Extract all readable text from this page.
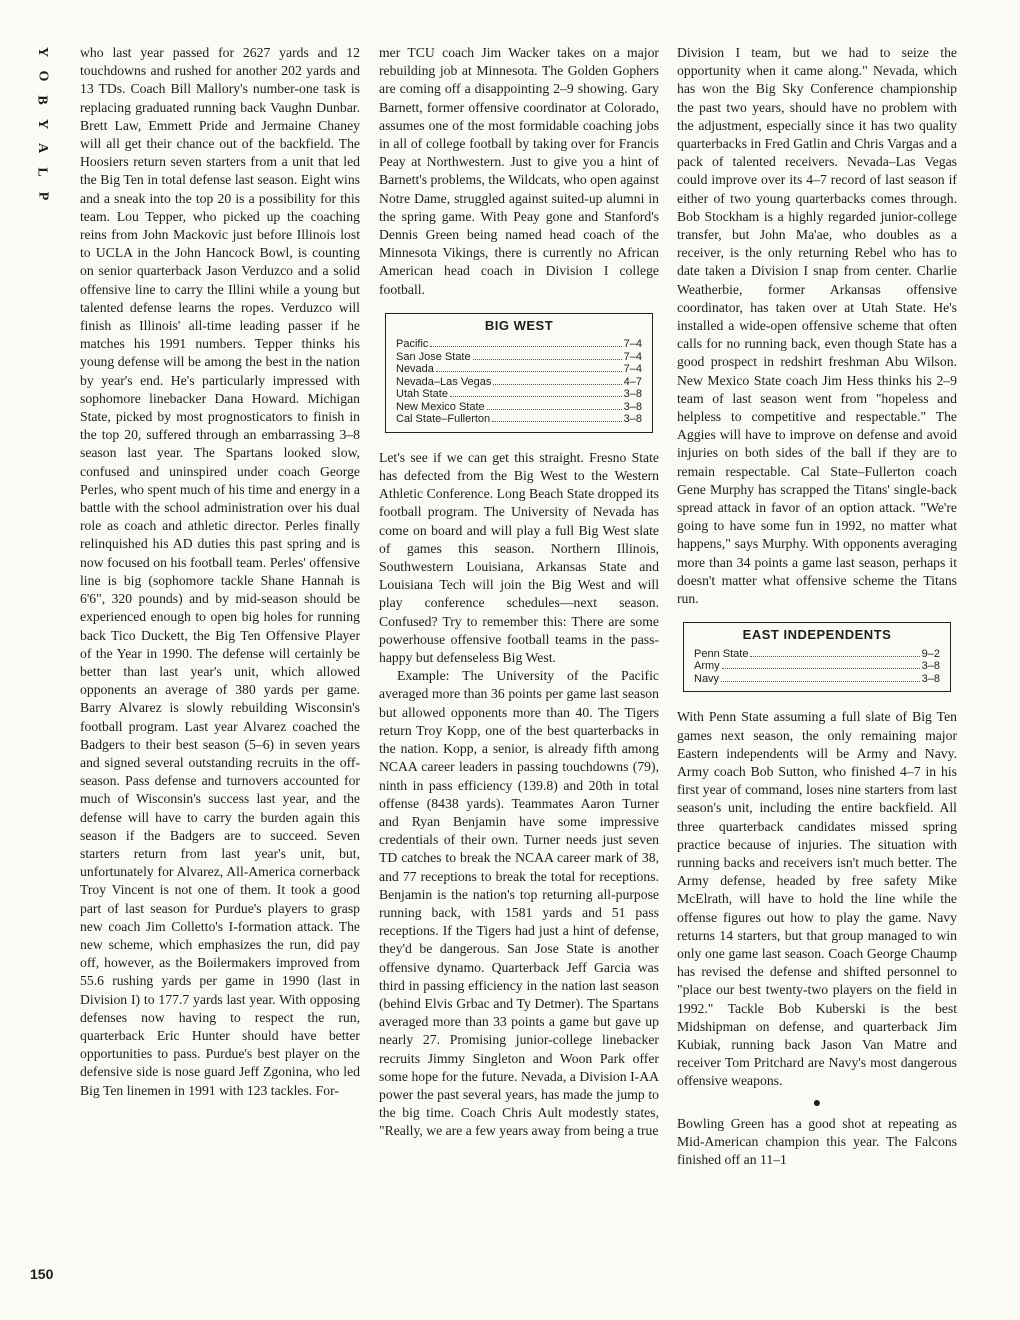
Y
O
B
Y
A
L
P
150

who last year passed for 2627 yards and 12 touchdowns and rushed for another 202 yards and 13 TDs. Coach Bill Mallory's number-one task is replacing graduated running back Vaughn Dunbar. Brett Law, Emmett Pride and Jermaine Chaney will all get their chance out of the backfield. The Hoosiers return seven starters from a unit that led the Big Ten in total defense last season. Eight wins and a sneak into the top 20 is a possibility for this team. Lou Tepper, who picked up the coaching reins from John Mackovic just before Illinois lost to UCLA in the John Hancock Bowl, is counting on senior quarterback Jason Verduzco and a solid offensive line to carry the Illini while a young but talented defense learns the ropes. Verduzco will finish as Illinois' all-time leading passer if he matches his 1991 numbers. Tepper thinks his young defense will be among the best in the nation by year's end. He's particularly impressed with sophomore linebacker Dana Howard. Michigan State, picked by most prognosticators to finish in the top 20, suffered through an embarrassing 3–8 season last year. The Spartans looked slow, confused and uninspired under coach George Perles, who spent much of his time and energy in a battle with the school administration over his dual role as coach and athletic director. Perles finally relinquished his AD duties this past spring and is now focused on his football team. Perles' offensive line is big (sophomore tackle Shane Hannah is 6'6", 320 pounds) and by mid-season should be experienced enough to open big holes for running back Tico Duckett, the Big Ten Offensive Player of the Year in 1990. The defense will certainly be better than last year's unit, which allowed opponents an average of 380 yards per game. Barry Alvarez is slowly rebuilding Wisconsin's football program. Last year Alvarez coached the Badgers to their best season (5–6) in seven years and signed several outstanding recruits in the off-season. Pass defense and turnovers accounted for much of Wisconsin's success last year, and the defense will have to carry the burden again this season if the Badgers are to succeed. Seven starters return from last year's unit, but, unfortunately for Alvarez, All-America cornerback Troy Vincent is not one of them. It took a good part of last season for Purdue's players to grasp new coach Jim Colletto's I-formation attack. The new scheme, which emphasizes the run, did pay off, however, as the Boilermakers improved from 55.6 rushing yards per game in 1990 (last in Division I) to 177.7 yards last year. With opposing defenses now having to respect the run, quarterback Eric Hunter should have better opportunities to pass. Purdue's best player on the defensive side is nose guard Jeff Zgonina, who led Big Ten linemen in 1991 with 123 tackles. For-

mer TCU coach Jim Wacker takes on a major rebuilding job at Minnesota. The Golden Gophers are coming off a disappointing 2–9 showing. Gary Barnett, former offensive coordinator at Colorado, assumes one of the most formidable coaching jobs in all of college football by taking over for Francis Peay at Northwestern. Just to give you a hint of Barnett's problems, the Wildcats, who open against Notre Dame, struggled against suited-up alumni in the spring game. With Peay gone and Stanford's Dennis Green being named head coach of the Minnesota Vikings, there is currently no African American head coach in Division I college football.

BIG WEST
Pacific	7–4
San Jose State	7–4
Nevada	7–4
Nevada–Las Vegas	4–7
Utah State	3–8
New Mexico State	3–8
Cal State–Fullerton	3–8

Let's see if we can get this straight. Fresno State has defected from the Big West to the Western Athletic Conference. Long Beach State dropped its football program. The University of Nevada has come on board and will play a full Big West slate of games this season. Northern Illinois, Southwestern Louisiana, Arkansas State and Louisiana Tech will join the Big West and will play conference schedules—next season. Confused? Try to remember this: There are some powerhouse offensive football teams in the pass-happy but defenseless Big West.

Example: The University of the Pacific averaged more than 36 points per game last season but allowed opponents more than 40. The Tigers return Troy Kopp, one of the best quarterbacks in the nation. Kopp, a senior, is already fifth among NCAA career leaders in passing touchdowns (79), ninth in pass efficiency (139.8) and 20th in total offense (8438 yards). Teammates Aaron Turner and Ryan Benjamin have some impressive credentials of their own. Turner needs just seven TD catches to break the NCAA career mark of 38, and 77 receptions to break the total for receptions. Benjamin is the nation's top returning all-purpose running back, with 1581 yards and 51 pass receptions. If the Tigers had just a hint of defense, they'd be dangerous. San Jose State is another offensive dynamo. Quarterback Jeff Garcia was third in passing efficiency in the nation last season (behind Elvis Grbac and Ty Detmer). The Spartans averaged more than 33 points a game but gave up nearly 27. Promising junior-college linebacker recruits Jimmy Singleton and Woon Park offer some hope for the future. Nevada, a Division I-AA power the past several years, has made the jump to the big time. Coach Chris Ault modestly states, "Really, we are a few years away from being a true

Division I team, but we had to seize the opportunity when it came along." Nevada, which has won the Big Sky Conference championship the past two years, should have no problem with the adjustment, especially since it has two quality quarterbacks in Fred Gatlin and Chris Vargas and a pack of talented receivers. Nevada–Las Vegas could improve over its 4–7 record of last season if either of two young quarterbacks comes through. Bob Stockham is a highly regarded junior-college transfer, but John Ma'ae, who doubles as a receiver, is the only returning Rebel who has to date taken a Division I snap from center. Charlie Weatherbie, former Arkansas offensive coordinator, has taken over at Utah State. He's installed a wide-open offensive scheme that often calls for no running back, even though State has a good prospect in redshirt freshman Abu Wilson. New Mexico State coach Jim Hess thinks his 2–9 team of last season went from "hopeless and helpless to competitive and respectable." The Aggies will have to improve on defense and avoid injuries on both sides of the ball if they are to remain respectable. Cal State–Fullerton coach Gene Murphy has scrapped the Titans' single-back spread attack in favor of an option attack. "We're going to have some fun in 1992, no matter what happens," says Murphy. With opponents averaging more than 34 points a game last season, perhaps it doesn't matter what offensive scheme the Titans run.

EAST INDEPENDENTS
Penn State	9–2
Army	3–8
Navy	3–8

With Penn State assuming a full slate of Big Ten games next season, the only remaining major Eastern independents will be Army and Navy. Army coach Bob Sutton, who finished 4–7 in his first year of command, loses nine starters from last season's unit, including the entire backfield. All three quarterback candidates missed spring practice because of injuries. The situation with running backs and receivers isn't much better. The Army defense, headed by free safety Mike McElrath, will have to hold the line while the offense figures out how to play the game. Navy returns 14 starters, but that group managed to win only one game last season. Coach George Chaump has revised the defense and shifted personnel to "place our best twenty-two players on the field in 1992." Tackle Bob Kuberski is the best Midshipman on defense, and quarterback Jim Kubiak, running back Jason Van Matre and receiver Tom Pritchard are Navy's most dangerous offensive weapons.

●

Bowling Green has a good shot at repeating as Mid-American champion this year. The Falcons finished off an 11–1
